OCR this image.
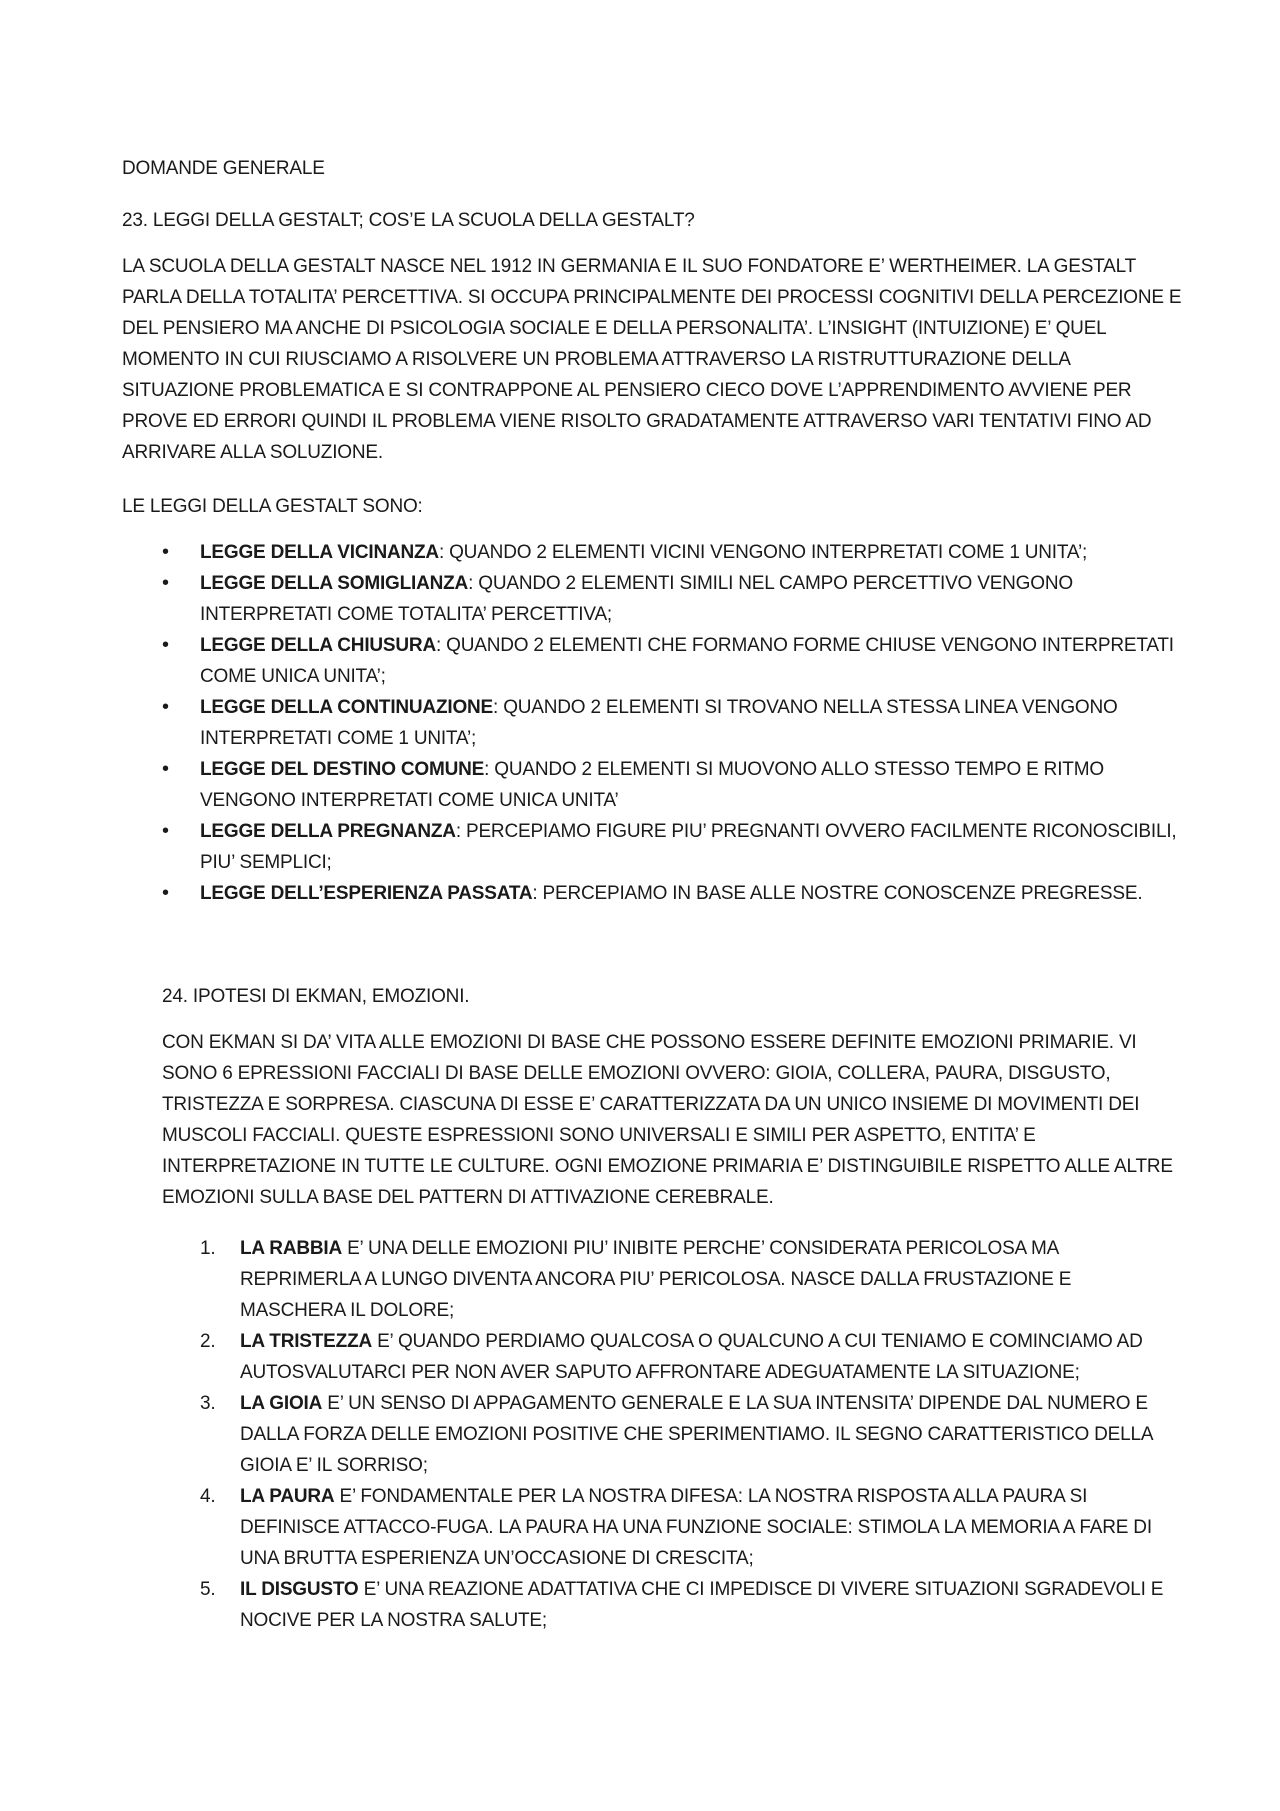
DOMANDE GENERALE

23. LEGGI DELLA GESTALT; COS’E LA SCUOLA DELLA GESTALT?

LA SCUOLA DELLA GESTALT NASCE NEL 1912 IN GERMANIA E IL SUO FONDATORE E’ WERTHEIMER. LA GESTALT PARLA DELLA TOTALITA’ PERCETTIVA. SI OCCUPA PRINCIPALMENTE DEI PROCESSI COGNITIVI DELLA PERCEZIONE E DEL PENSIERO MA ANCHE DI PSICOLOGIA SOCIALE E DELLA PERSONALITA’. L’INSIGHT (INTUIZIONE) E’ QUEL MOMENTO IN CUI RIUSCIAMO A RISOLVERE UN PROBLEMA ATTRAVERSO LA RISTRUTTURAZIONE DELLA SITUAZIONE PROBLEMATICA E SI CONTRAPPONE AL PENSIERO CIECO DOVE L’APPRENDIMENTO AVVIENE PER PROVE ED ERRORI QUINDI IL PROBLEMA VIENE RISOLTO GRADATAMENTE ATTRAVERSO VARI TENTATIVI FINO AD ARRIVARE ALLA SOLUZIONE.

LE LEGGI DELLA GESTALT SONO:

• LEGGE DELLA VICINANZA: QUANDO 2 ELEMENTI VICINI VENGONO INTERPRETATI COME 1 UNITA’;
• LEGGE DELLA SOMIGLIANZA: QUANDO 2 ELEMENTI SIMILI NEL CAMPO PERCETTIVO VENGONO INTERPRETATI COME TOTALITA’ PERCETTIVA;
• LEGGE DELLA CHIUSURA: QUANDO 2 ELEMENTI CHE FORMANO FORME CHIUSE VENGONO INTERPRETATI COME UNICA UNITA’;
• LEGGE DELLA CONTINUAZIONE: QUANDO 2 ELEMENTI SI TROVANO NELLA STESSA LINEA VENGONO INTERPRETATI COME 1 UNITA’;
• LEGGE DEL DESTINO COMUNE: QUANDO 2 ELEMENTI SI MUOVONO ALLO STESSO TEMPO E RITMO VENGONO INTERPRETATI COME UNICA UNITA’
• LEGGE DELLA PREGNANZA: PERCEPIAMO FIGURE PIU’ PREGNANTI OVVERO FACILMENTE RICONOSCIBILI, PIU’ SEMPLICI;
• LEGGE DELL’ESPERIENZA PASSATA: PERCEPIAMO IN BASE ALLE NOSTRE CONOSCENZE PREGRESSE.

24. IPOTESI DI EKMAN, EMOZIONI.

CON EKMAN SI DA’ VITA ALLE EMOZIONI DI BASE CHE POSSONO ESSERE DEFINITE EMOZIONI PRIMARIE. VI SONO 6 EPRESSIONI FACCIALI DI BASE DELLE EMOZIONI OVVERO: GIOIA, COLLERA, PAURA, DISGUSTO, TRISTEZZA E SORPRESA. CIASCUNA DI ESSE E’ CARATTERIZZATA DA UN UNICO INSIEME DI MOVIMENTI DEI MUSCOLI FACCIALI. QUESTE ESPRESSIONI SONO UNIVERSALI E SIMILI PER ASPETTO, ENTITA’ E INTERPRETAZIONE IN TUTTE LE CULTURE. OGNI EMOZIONE PRIMARIA E’ DISTINGUIBILE RISPETTO ALLE ALTRE EMOZIONI SULLA BASE DEL PATTERN DI ATTIVAZIONE CEREBRALE.

1. LA RABBIA E’ UNA DELLE EMOZIONI PIU’ INIBITE PERCHE’ CONSIDERATA PERICOLOSA MA REPRIMERLA A LUNGO DIVENTA ANCORA PIU’ PERICOLOSA. NASCE DALLA FRUSTAZIONE E MASCHERA IL DOLORE;
2. LA TRISTEZZA E’ QUANDO PERDIAMO QUALCOSA O QUALCUNO A CUI TENIAMO E COMINCIAMO AD AUTOSVALUTARCI PER NON AVER SAPUTO AFFRONTARE ADEGUATAMENTE LA SITUAZIONE;
3. LA GIOIA E’ UN SENSO DI APPAGAMENTO GENERALE E LA SUA INTENSITA’ DIPENDE DAL NUMERO E DALLA FORZA DELLE EMOZIONI POSITIVE CHE SPERIMENTIAMO. IL SEGNO CARATTERISTICO DELLA GIOIA E’ IL SORRISO;
4. LA PAURA E’ FONDAMENTALE PER LA NOSTRA DIFESA: LA NOSTRA RISPOSTA ALLA PAURA SI DEFINISCE ATTACCO-FUGA. LA PAURA HA UNA FUNZIONE SOCIALE: STIMOLA LA MEMORIA A FARE DI UNA BRUTTA ESPERIENZA UN’OCCASIONE DI CRESCITA;
5. IL DISGUSTO E’ UNA REAZIONE ADATTATIVA CHE CI IMPEDISCE DI VIVERE SITUAZIONI SGRADEVOLI E NOCIVE PER LA NOSTRA SALUTE;
